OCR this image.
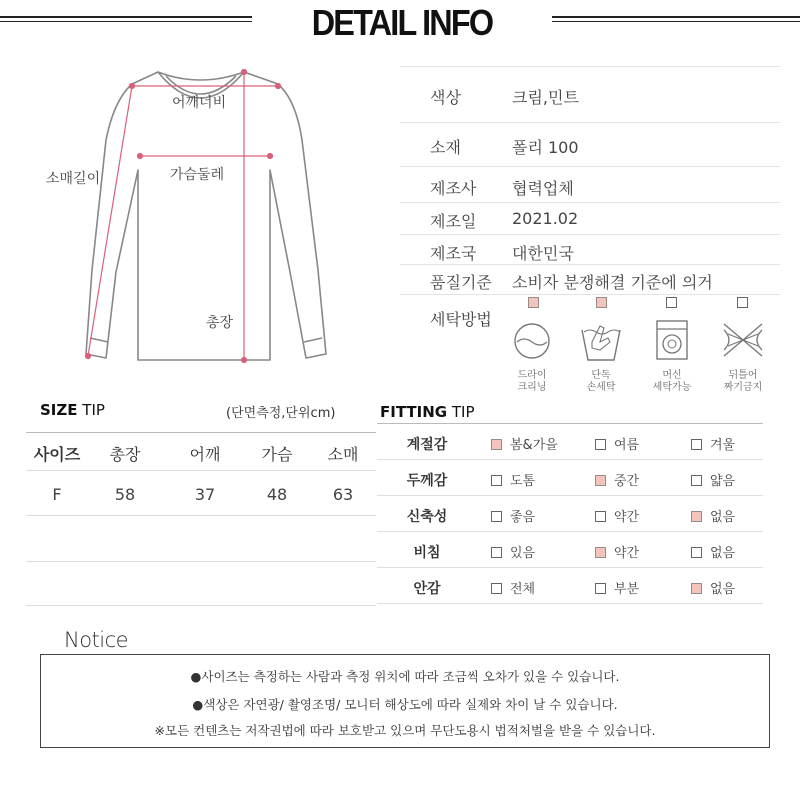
DETAIL INFO
어깨너비
소매길이	가슴둘레
총장
색상	크림,민트
소재	폴리 100
제조사 협력업체
제조일 2021.02
제조국 대한민국
품질기준 소비자 분쟁해결 기준에 의거
세탁방법
드라이
크리닝
단독
손세탁
머신
세탁가능
뒤틀어
짜기금지
SIZE TIP	(단면측정,단위cm)
사이즈	총장	어깨	가슴	소매
F	58	37	48	63
FITTING TIP
계절감	봄&가을	여름	겨울
두께감	도톰	중간	얇음
신축성	좋음	약간	없음
비침	있음	약간	없음
안감	전체	부분	없음
Notice
●사이즈는 측정하는 사람과 측정 위치에 따라 조금씩 오차가 있을 수 있습니다.
●색상은 자연광/ 촬영조명/ 모니터 해상도에 따라 실제와 차이 날 수 있습니다.
※모든 컨텐츠는 저작권법에 따라 보호받고 있으며 무단도용시 법적처벌을 받을 수 있습니다.
